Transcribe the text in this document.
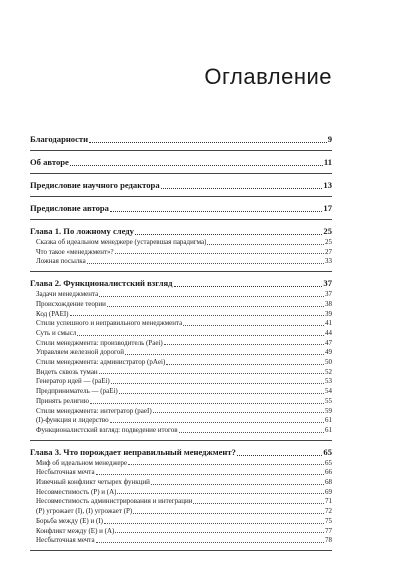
Оглавление
Благодарности	9
Об авторе	11
Предисловие научного редактора	13
Предисловие автора	17
Глава 1. По ложному следу	25
Сказка об идеальном менеджере (устаревшая парадигма)	25
Что такое «менеджмент»?	27
Ложная посылка	33
Глава 2. Функционалистский взгляд	37
Задачи менеджмента	37
Происхождение теории	38
Код (PAEI)	39
Стили успешного и неправильного менеджмента	41
Суть и смысл	44
Стили менеджмента: производитель (Paei)	47
Управляем железной дорогой	49
Стили менеджмента: администратор (pAei)	50
Видеть сквозь туман	52
Генератор идей — (paEi)	53
Предприниматель — (paEi)	54
Принять религию	55
Стили менеджмента: интегратор (paeI)	59
(I)-функция и лидерство	61
Функционалистский взгляд: подведение итогов	61
Глава 3. Что порождает неправильный менеджмент?	65
Миф об идеальном менеджере	65
Несбыточная мечта	66
Извечный конфликт четырех функций	68
Несовместимость (P) и (A)	69
Несовместимость администрирования и интеграции	71
(P) угрожает (I), (I) угрожает (P)	72
Борьба между (E) и (I)	75
Конфликт между (E) и (A)	77
Несбыточная мечта	78
